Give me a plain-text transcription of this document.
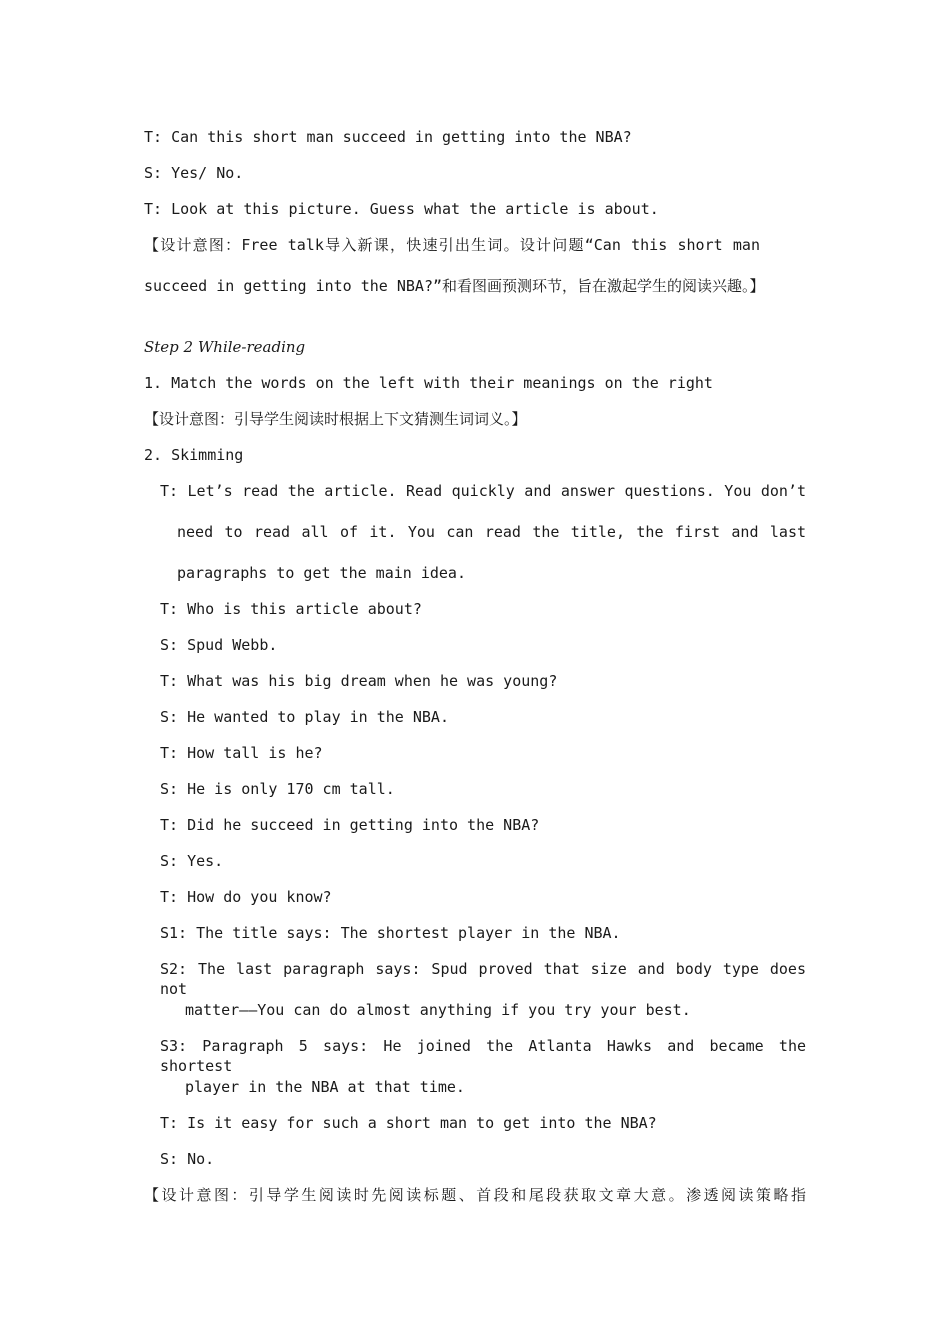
T: Can this short man succeed in getting into the NBA?

S: Yes/ No.

T: Look at this picture. Guess what the article is about.

【设计意图：Free talk导入新课，快速引出生词。设计问题“Can this short man

succeed in getting into the NBA?”和看图画预测环节，旨在激起学生的阅读兴趣。】

Step 2 While-reading

1. Match the words on the left with their meanings on the right

【设计意图：引导学生阅读时根据上下文猜测生词词义。】

2. Skimming

T: Let’s read the article. Read quickly and answer questions. You don’t

need to read all of it. You can read the title, the first and last

paragraphs to get the main idea.

T: Who is this article about?

S: Spud Webb.

T: What was his big dream when he was young?

S: He wanted to play in the NBA.

T: How tall is he?

S: He is only 170 cm tall.

T: Did he succeed in getting into the NBA?

S: Yes.

T: How do you know?

S1: The title says: The shortest player in the NBA.

S2: The last paragraph says: Spud proved that size and body type does not

matter——You can do almost anything if you try your best.

S3: Paragraph 5 says: He joined the Atlanta Hawks and became the shortest

player in the NBA at that time.

T: Is it easy for such a short man to get into the NBA?

S: No.

【设计意图：引导学生阅读时先阅读标题、首段和尾段获取文章大意。渗透阅读策略指
